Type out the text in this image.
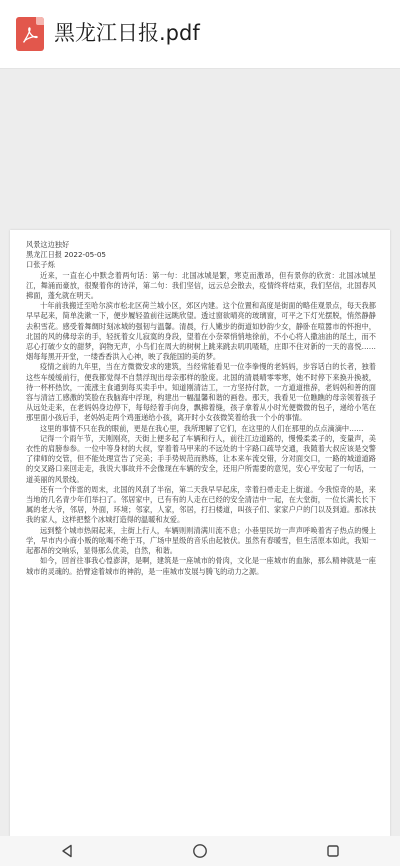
黑龙江日报.pdf

风景这边独好

黑龙江日报 2022-05-05

口张子烁

近来，一直在心中默念着两句话：第一句：北国冰城是繁，寒克而激昂，但有景你的欣赏：北国冰城星江，舞涌而豪放，很聚着你的诗洋，第二句：我们坚信，远云总会散去，疫情终将结束，我们坚信，北国春风拂面，蓬允就在明天。

十年前我搬迁至哈尔滨市松北区荷兰城小区，郊区内建。这个位置和高度是街面的略佳观景点，每天我都早早起来，简单洗漱一下，便步履轻盈前往远眺欣望。透过窗欲晴亮的玻璃窗，可平之下灯光摆脱，悄然静静去积雪花。感受着舞绸时刻冰城的强韧与温馨。清晨，行人嫩步的街道如妙韵少女，静卧在喧嚣市的怀抱中，北国的风的佛母亲的手，轻抚着女儿寂寞的身段，望着在小奈翠悄悄地徐前，不小心将人撒油油的尾土，而不忍心打破少女的甜梦，润物无声，小鸟们在周大的树树上跳来跳去叽叽喳喳，庄即不住对新的一天的喜悦……烟每每黑开开堂，一缕香香洪入心神，映了我能国的美的梦。

疫情之前的九年里，当在方微微安求的建筑，当经常能看见一位李拳慢的老妈妈，步容话白的长者，独着这些车缓缓前行，便我都觉得不自禁浮现出母亲那样的脸庞。北国的清晨晴零零寒，她不时停下来换升换被，待一杯杯热饮，一流涨主食通到每买卖手中。知道刚清洁工，一方坚持付款，一方道道推辞，老妈妈和善的面容与清洁工感激的笑脸在我脑海中浮现，构建出一幅温馨和谐的画卷。那天，我看见一位瞧瞧的母亲领着孩子从远处走来，在老妈妈身边停下，每每经着手向身，飘拂着缝，孩子拿着从小时光便微微的包子，递给小笔在那里面小孩后手，老妈妈走两个鸡蛋递给小孩，离开时小女孩微笑着给我一个小的事情。

这里的事情不只在我的眼前，更是在我心里，我所理解了它们，在这里的人们在那里的点点滴滴中……

记得一个雨午节，天刚刚亮，天街上便多起了车辆和行人，前往江边道路的，慢慢柔柔子的，变量声，美衣性的肩膀参参。一位中等身材的大叔，穿着着马甲来的不远处的十字路口疏导交通，我随着大叔应该是交警了律师的交管，但不能处理宣告了完美；手手势规范而熟练，让本来车流交错，分对面交口，一路的城道道路的交叉路口来回走走，我说大事故并不会像现在车辆的安全，还用户所需要的意见，安心平安起了一句话，一道美丽的风景线。

还有一个伴雷的周末，北国的风刮了半宿，第二天我早早起床，幸着扫帚走走上街道。今我惊奇的是，来当地的几名青少年们举扫了。邻居家中，已有有的人走在已经的安全清洁中一起，在大堂街，一位长满长长下属的老大爷，邻居，外面，环境；邻家，人家，邻居，打扫楼道，叫孩子们、家家户户的门以及到道。那冰扶我的家人，这样把整个冰城打造得的温暖和友爱。

远到整个城市热闹起来，主街上行人，车辆则则清满川流不息；小巷里民坊一声声呼唤着宵子热点的慢上学，早市内小商小贩的吆喝不绝于耳，广场中星级的音乐由起彼伏。虽然有春暖雪，但生活原本如此，我知一起都昂的交响乐，显得那么优美，自然，和谐。

如今，回首往事我心惶澎湃，是啊，建筑是一座城市的骨肉，文化是一座城市的血脉，那么精神就是一座城市的灵魂的。抬臂途着城市的神韵，是一座城市发展与腾飞的动力之源。
